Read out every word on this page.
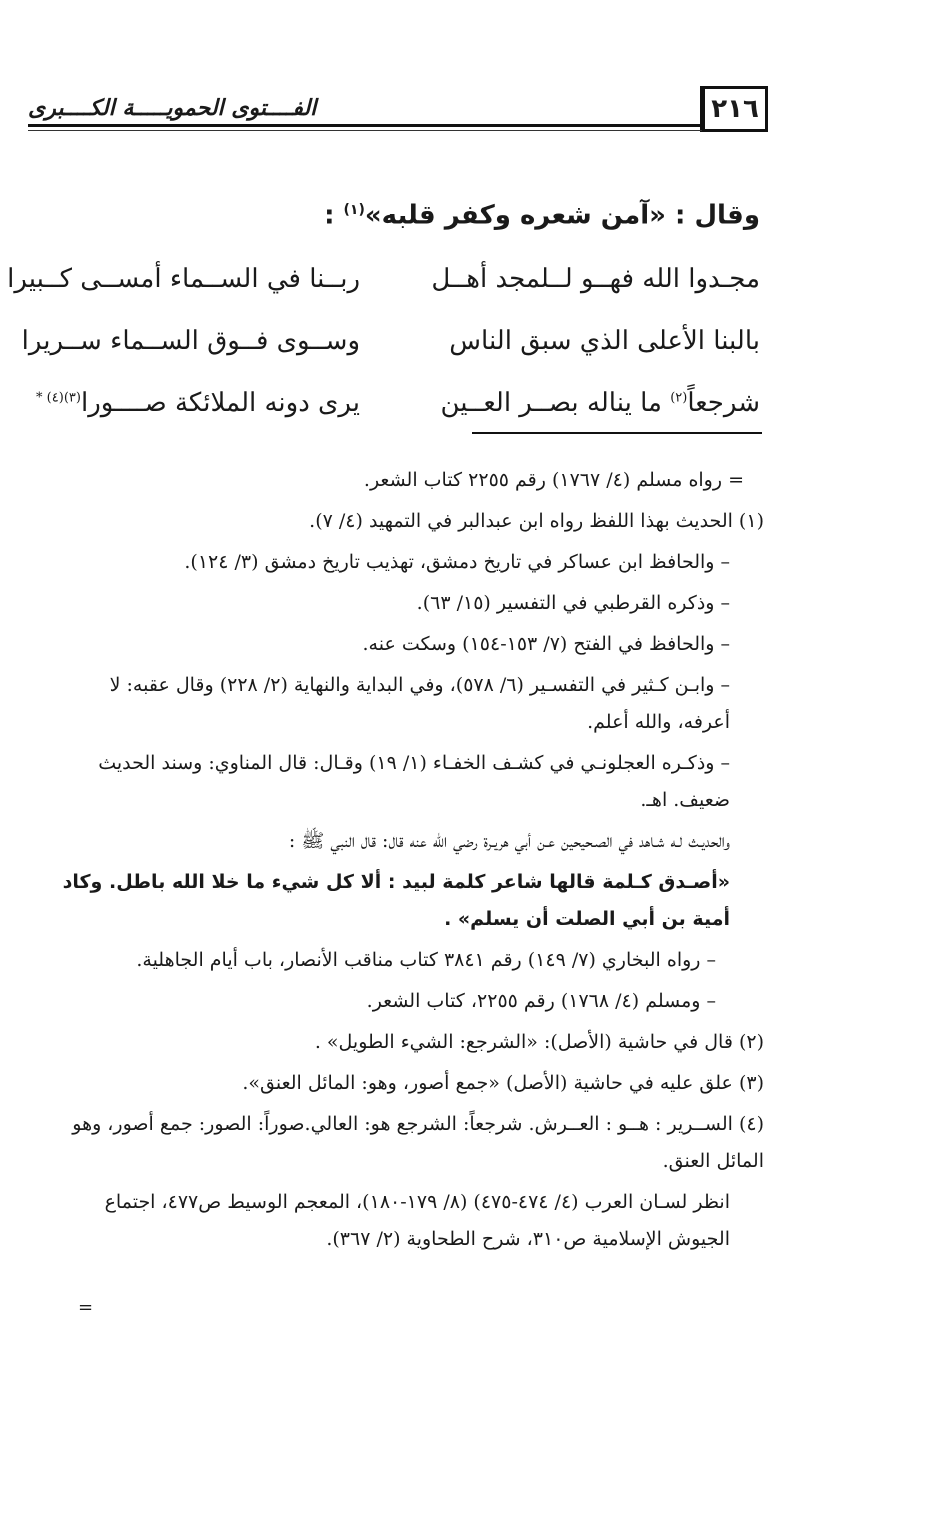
٢١٦
الفــــتوى الحمويـــــة الكــــبرى
وقال : «آمن شعره وكفر قلبه»$^{(١)}$ :
مجـدوا الله فهــو لــلمجد أهــل
ربــنا في الســماء أمســى كــبيرا
بالبنا الأعلى الذي سبق الناس
وســوى فــوق الســماء ســريرا
شرجعاً$^{(٢)}$ ما يناله بصــر العــين
يرى دونه الملائكة صــــورا$^{(٣)(٤) *}$
= رواه مسلم (٤/ ١٧٦٧) رقم ٢٢٥٥ كتاب الشعر.
(١) الحديث بهذا اللفظ رواه ابن عبدالبر في التمهيد (٤/ ٧).
– والحافظ ابن عساكر في تاريخ دمشق، تهذيب تاريخ دمشق (٣/ ١٢٤).
– وذكره القرطبي في التفسير (١٥/ ٦٣).
– والحافظ في الفتح (٧/ ١٥٣-١٥٤) وسكت عنه.
– وابـن كـثير في التفسـير (٦/ ٥٧٨)، وفي البداية والنهاية (٢/ ٢٢٨) وقال عقبه: لا أعرفه، والله أعلم.
– وذكـره العجلونـي في كشـف الخفـاء (١/ ١٩) وقـال: قال المناوي: وسند الحديث ضعيف. اهـ.
والحديـث لـه شـاهد في الصـحيحين عـن أبي هريـرة رضي الله عنه قال: قال النبي ﷺ :
«أصـدق كـلمة قالها شاعر كلمة لبيد : ألا كل شيء ما خلا الله باطل. وكاد أمية بن أبي الصلت أن يسلم» .
– رواه البخاري (٧/ ١٤٩) رقم ٣٨٤١ كتاب مناقب الأنصار، باب أيام الجاهلية.
– ومسلم (٤/ ١٧٦٨) رقم ٢٢٥٥، كتاب الشعر.
(٢) قال في حاشية (الأصل): «الشرجع: الشيء الطويل» .
(٣) علق عليه في حاشية (الأصل) «جمع أصور، وهو: المائل العنق».
(٤) الســرير : هــو : العــرش. شرجعاً: الشرجع هو: العالي.صوراً: الصور: جمع أصور، وهو المائل العنق.
انظر لسـان العرب (٤/ ٤٧٤-٤٧٥) (٨/ ١٧٩-١٨٠)، المعجم الوسيط ص٤٧٧، اجتماع الجيوش الإسلامية ص٣١٠، شرح الطحاوية (٢/ ٣٦٧).
=
